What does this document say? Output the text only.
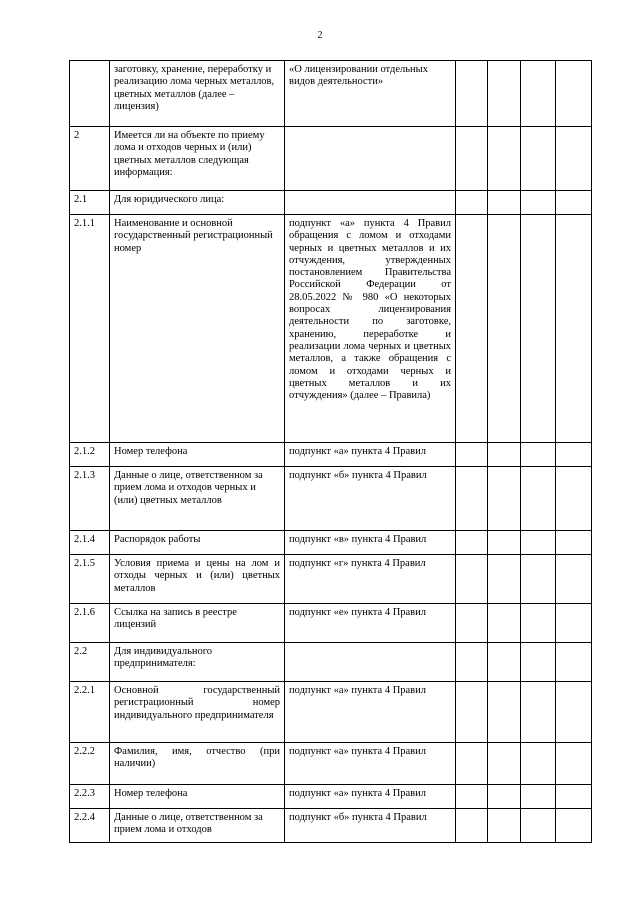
2
	заготовку, хранение, переработку и реализацию лома черных металлов, цветных металлов (далее – лицензия)	«О лицензировании отдельных видов деятельности»				
2	Имеется ли на объекте по приему лома и отходов черных и (или) цветных металлов следующая информация:					
2.1	Для юридического лица:					
2.1.1	Наименование и основной государственный регистрационный номер	подпункт «а» пункта 4 Правил обращения с ломом и отходами черных и цветных металлов и их отчуждения, утвержденных постановлением Правительства Российской Федерации от 28.05.2022 № 980 «О некоторых вопросах лицензирования деятельности по заготовке, хранению, переработке и реализации лома черных и цветных металлов, а также обращения с ломом и отходами черных и цветных металлов и их отчуждения» (далее – Правила)				
2.1.2	Номер телефона	подпункт «а» пункта 4 Правил				
2.1.3	Данные о лице, ответственном за прием лома и отходов черных и (или) цветных металлов	подпункт «б» пункта 4 Правил				
2.1.4	Распорядок работы	подпункт «в» пункта 4 Правил				
2.1.5	Условия приема и цены на лом и отходы черных и (или) цветных металлов	подпункт «г» пункта 4 Правил				
2.1.6	Ссылка на запись в реестре лицензий	подпункт «е» пункта 4 Правил				
2.2	Для индивидуального предпринимателя:					
2.2.1	Основной государственный регистрационный номер индивидуального предпринимателя	подпункт «а» пункта 4 Правил				
2.2.2	Фамилия, имя, отчество (при наличии)	подпункт «а» пункта 4 Правил				
2.2.3	Номер телефона	подпункт «а» пункта 4 Правил				
2.2.4	Данные о лице, ответственном за прием лома и отходов	подпункт «б» пункта 4 Правил				
